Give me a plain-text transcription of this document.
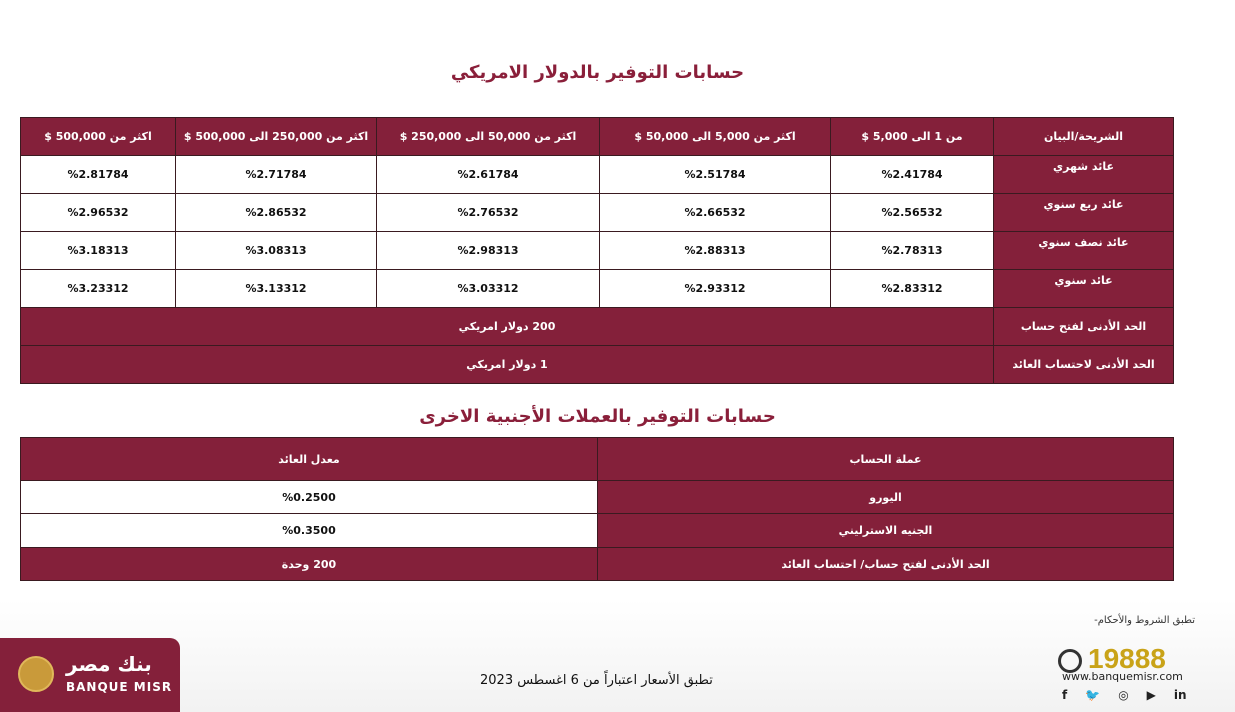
حسابات التوفير بالدولار الامريكي
الشريحة/البيان	من 1 الى 5,000 $	اكثر من 5,000 الى 50,000 $	اكثر من 50,000 الى 250,000 $	اكثر من 250,000 الى 500,000 $	اكثر من 500,000 $
عائد شهري	%2.41784	%2.51784	%2.61784	%2.71784	%2.81784
عائد ربع سنوي	%2.56532	%2.66532	%2.76532	%2.86532	%2.96532
عائد نصف سنوي	%2.78313	%2.88313	%2.98313	%3.08313	%3.18313
عائد سنوي	%2.83312	%2.93312	%3.03312	%3.13312	%3.23312
الحد الأدنى لفتح حساب	200 دولار امريكي				
الحد الأدنى لاحتساب العائد	1 دولار امريكي				
حسابات التوفير بالعملات الأجنبية الاخرى
عملة الحساب	معدل العائد
اليورو	%0.2500
الجنيه الاسترليني	%0.3500
الحد الأدنى لفتح حساب/ احتساب العائد	200 وحدة
بنك مصر
BANQUE MISR	تطبق الأسعار اعتباراً من 6 اغسطس 2023
-تطبق الشروط والأحكام
19888
www.banquemisr.com
f 🐦 ◎ ▶ in
